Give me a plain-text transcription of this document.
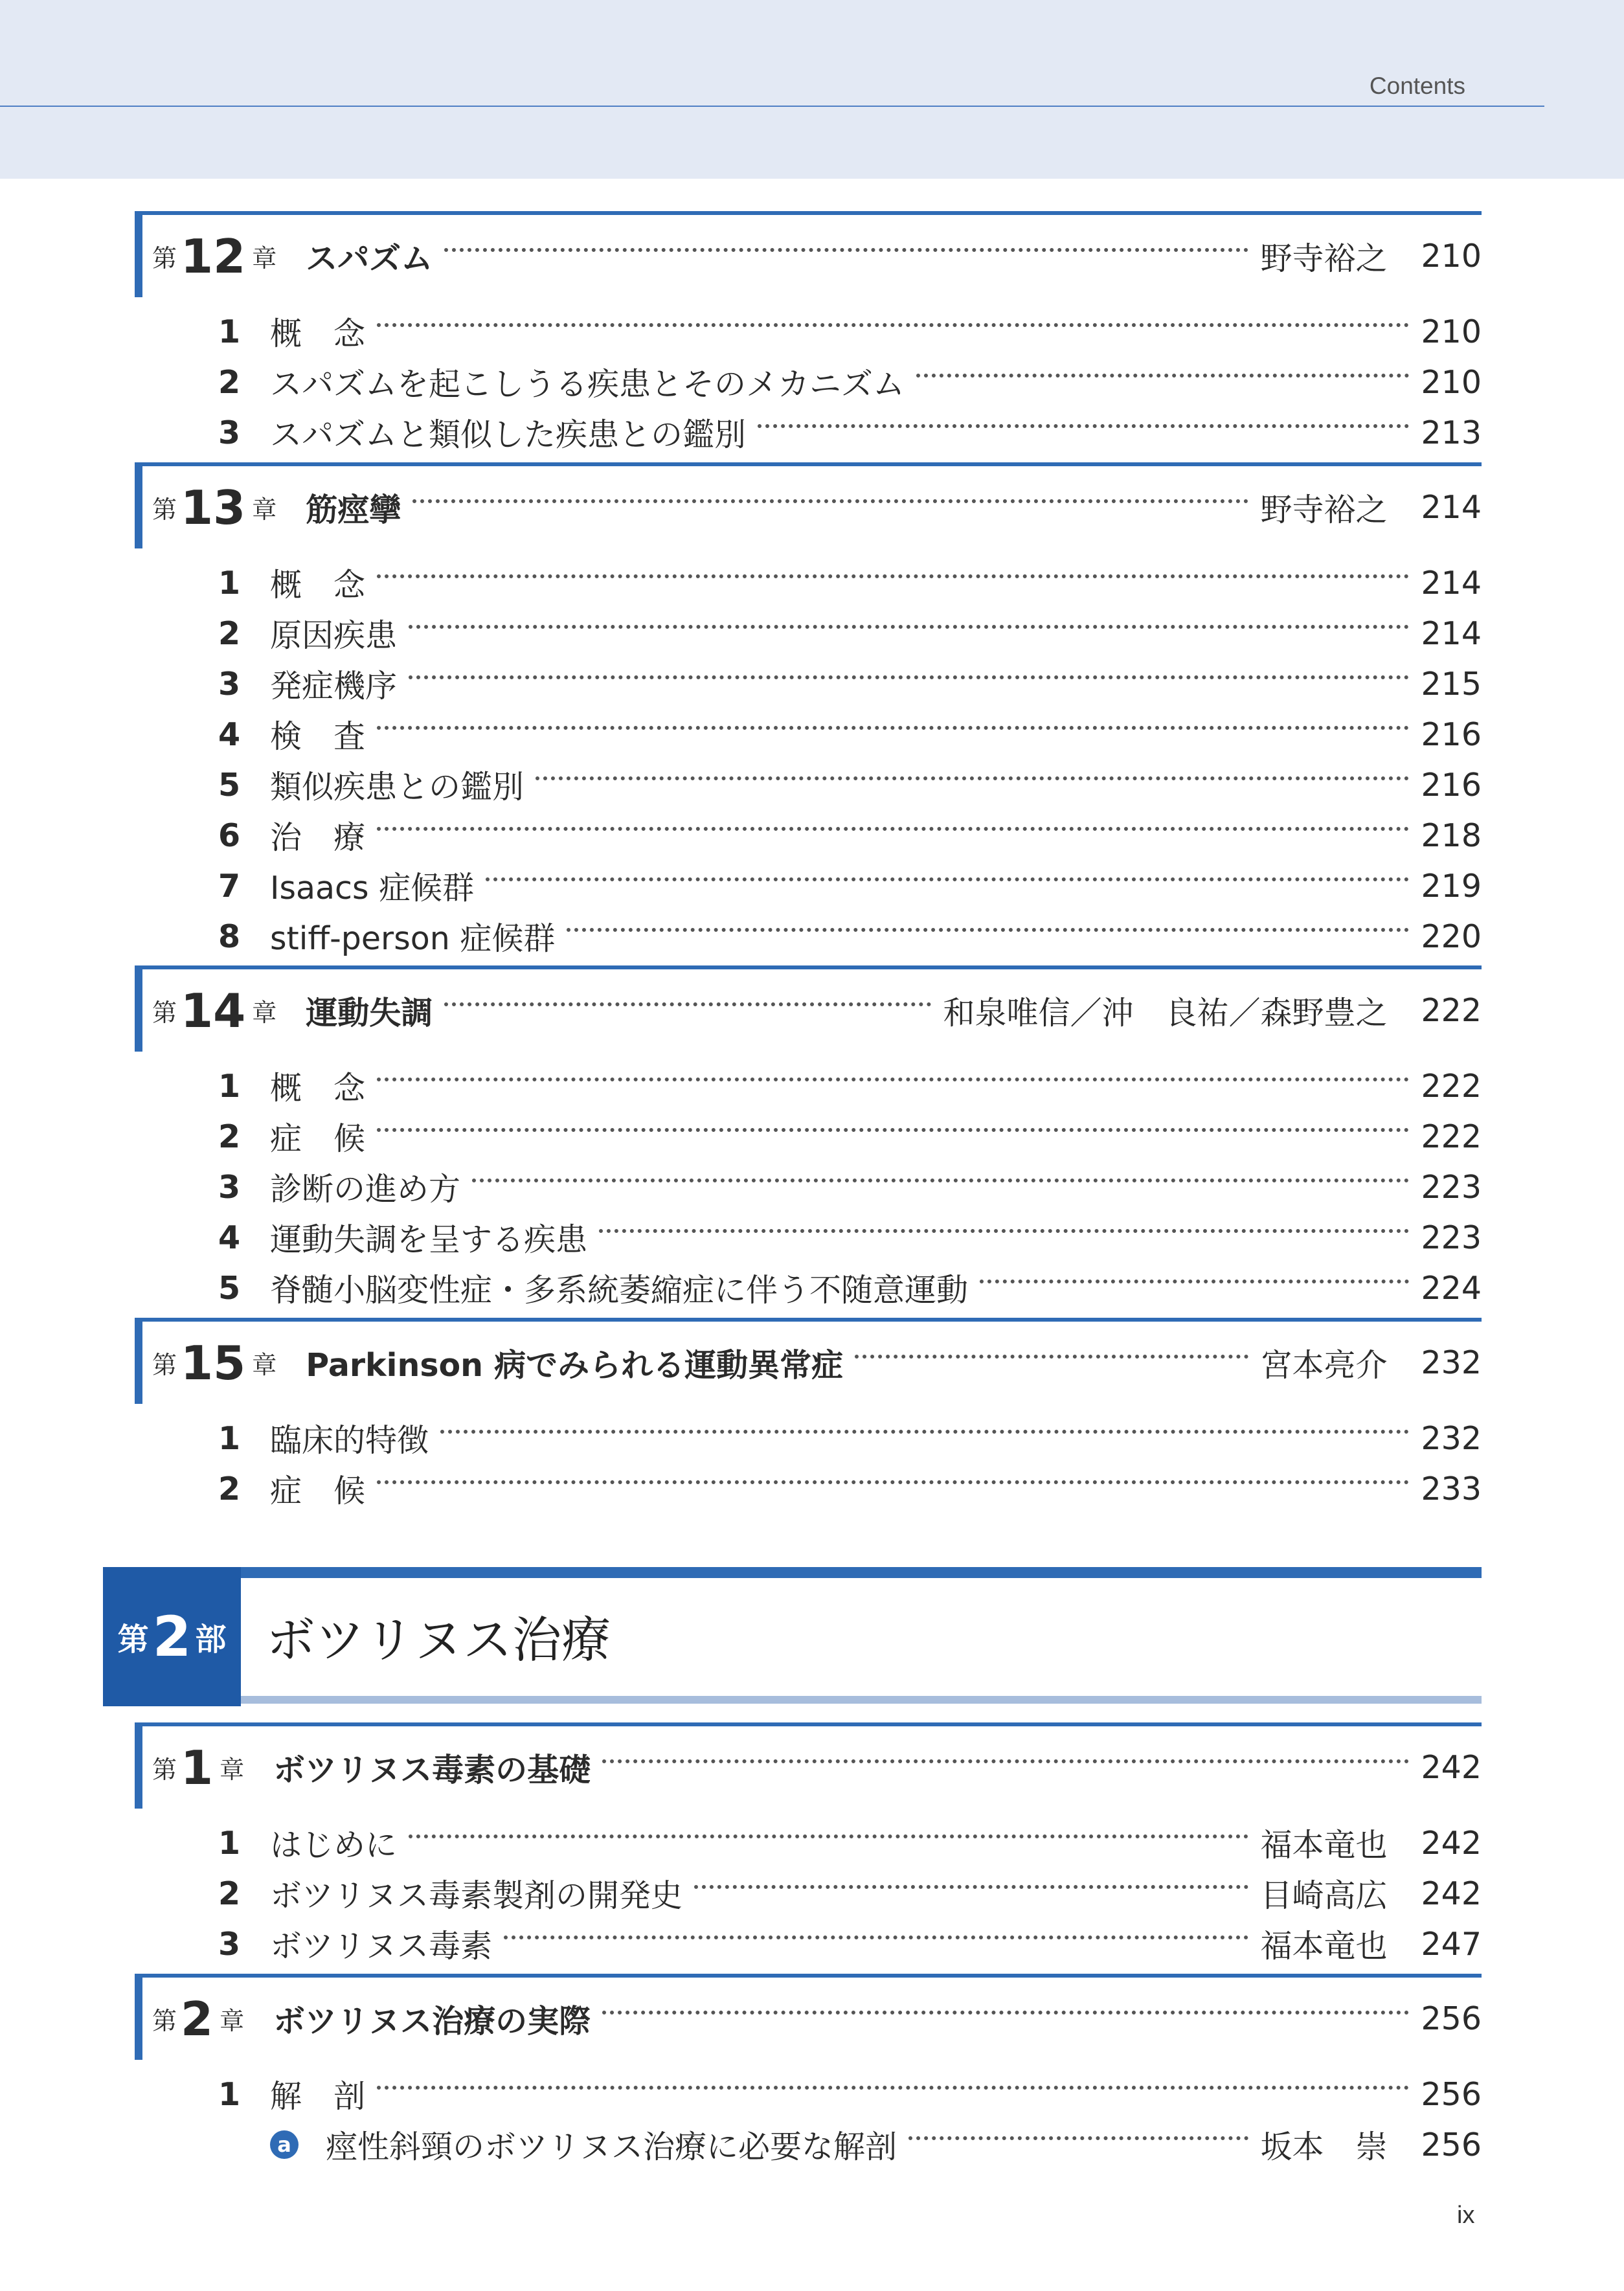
Contents
第 12 章 スパズム	野寺裕之 210
1 概　念	210
2 スパズムを起こしうる疾患とそのメカニズム	210
3 スパズムと類似した疾患との鑑別	213
第 13 章 筋痙攣	野寺裕之 214
1 概　念	214
2 原因疾患	214
3 発症機序	215
4 検　査	216
5 類似疾患との鑑別	216
6 治　療	218
7 Isaacs 症候群	219
8 stiff-person 症候群	220
第 14 章 運動失調	和泉唯信／沖　良祐／森野豊之 222
1 概　念	222
2 症　候	222
3 診断の進め方	223
4 運動失調を呈する疾患	223
5 脊髄小脳変性症・多系統萎縮症に伴う不随意運動	224
第 15 章 Parkinson 病でみられる運動異常症	宮本亮介 232
1 臨床的特徴	232
2 症　候	233
第 2 部 ボツリヌス治療
第 1 章 ボツリヌス毒素の基礎	242
1 はじめに	福本竜也 242
2 ボツリヌス毒素製剤の開発史	目崎高広 242
3 ボツリヌス毒素	福本竜也 247
第 2 章 ボツリヌス治療の実際	256
1 解　剖	256
a 痙性斜頸のボツリヌス治療に必要な解剖	坂本　崇 256
ix
